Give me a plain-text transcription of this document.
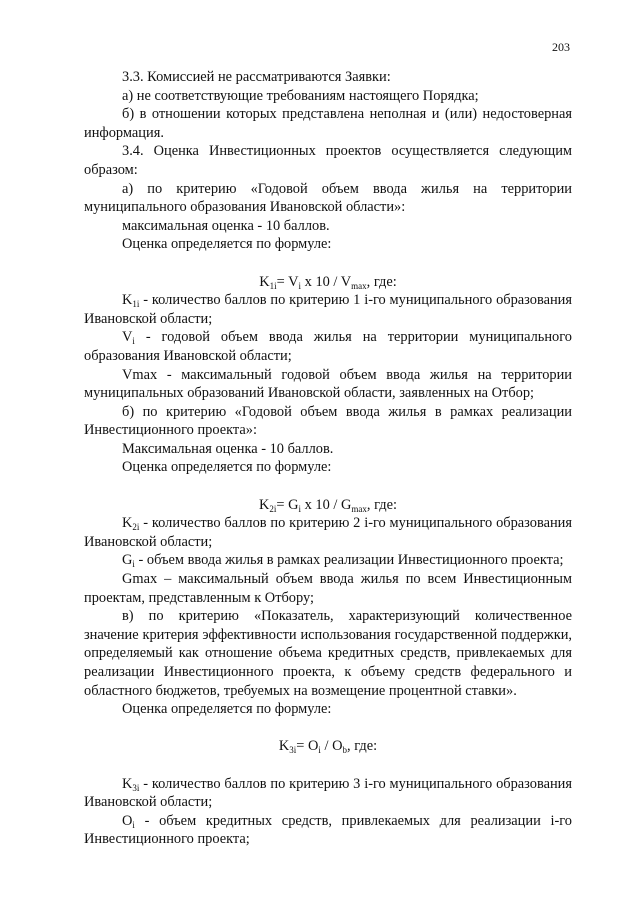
203

3.3. Комиссией не рассматриваются Заявки:

а) не соответствующие требованиям настоящего Порядка;

б) в отношении которых представлена неполная и (или) недостоверная информация.

3.4. Оценка Инвестиционных проектов осуществляется следующим образом:

а) по критерию «Годовой объем ввода жилья на территории муниципального образования Ивановской области»:

максимальная оценка - 10 баллов.

Оценка определяется по формуле:

$K_{1i}= V_i$ x $10 / V_{max}$, где:

$K_{1i}$ - количество баллов по критерию 1 i-го муниципального образования Ивановской области;

$V_i$ - годовой объем ввода жилья на территории муниципального образования Ивановской области;

Vmax - максимальный годовой объем ввода жилья на территории муниципальных образований Ивановской области, заявленных на Отбор;

б) по критерию «Годовой объем ввода жилья в рамках реализации Инвестиционного проекта»:

Максимальная оценка - 10 баллов.

Оценка определяется по формуле:

$K_{2i}= G_i$ x $10 / G_{max}$, где:

$K_{2i}$ - количество баллов по критерию 2 i-го муниципального образования Ивановской области;

$G_i$ - объем ввода жилья в рамках реализации Инвестиционного проекта;

Gmax – максимальный объем ввода жилья по всем Инвестиционным проектам, представленным к Отбору;

в) по критерию «Показатель, характеризующий количественное значение критерия эффективности использования государственной поддержки, определяемый как отношение объема кредитных средств, привлекаемых для реализации Инвестиционного проекта, к объему средств федерального и областного бюджетов, требуемых на возмещение процентной ставки».

Оценка определяется по формуле:

$K_{3i}= O_i / O_b$, где:

$K_{3i}$ - количество баллов по критерию 3 i-го муниципального образования Ивановской области;

$O_i$ - объем кредитных средств, привлекаемых для реализации i-го Инвестиционного проекта;
